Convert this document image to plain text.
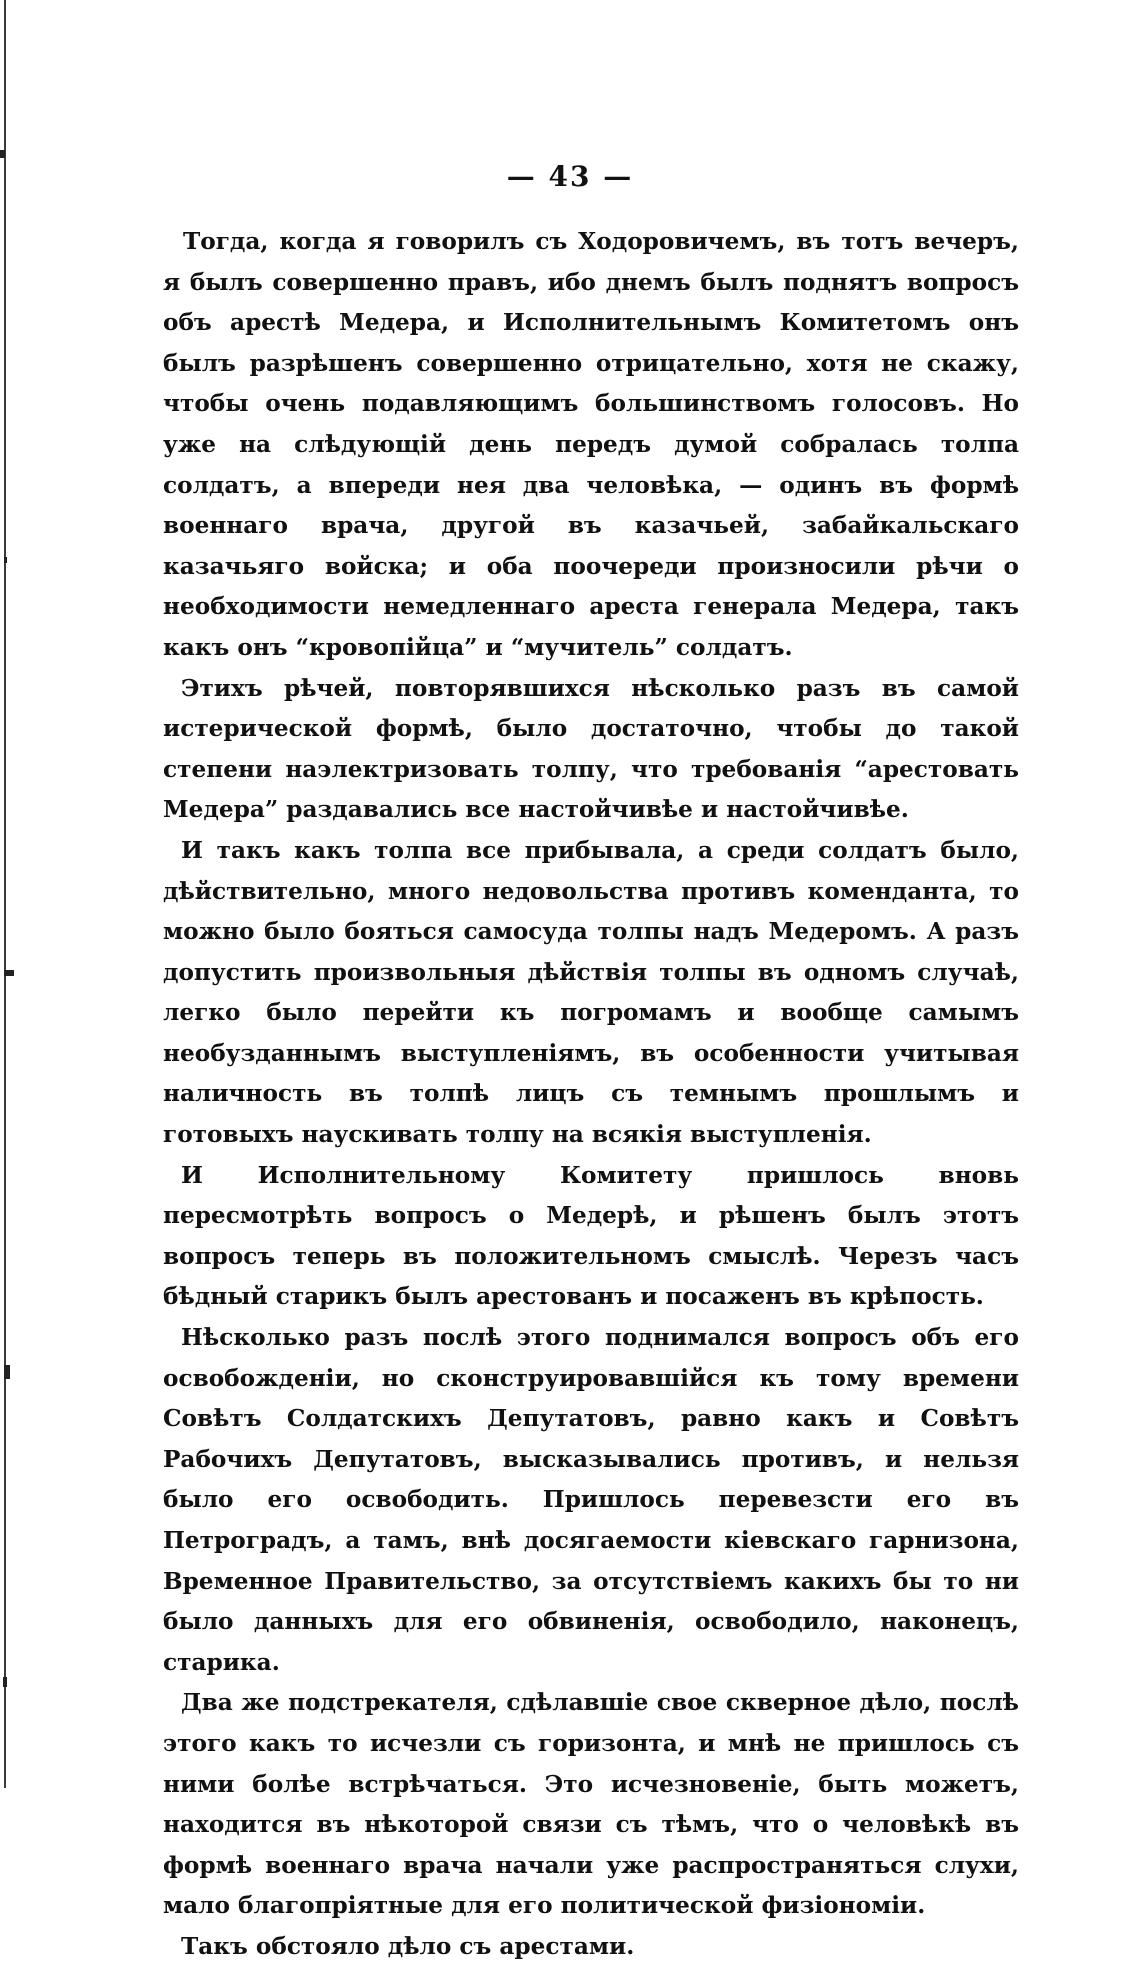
— 43 —

Тогда, когда я говорилъ съ Ходоровичемъ, въ тотъ вечеръ, я былъ совершенно правъ, ибо днемъ былъ поднятъ вопросъ объ арестѣ Медера, и Исполнительнымъ Комитетомъ онъ былъ разрѣшенъ совершенно отрицательно, хотя не скажу, чтобы очень подавляющимъ большинствомъ голосовъ. Но уже на слѣдующій день передъ думой собралась толпа солдатъ, а впереди нея два человѣка, — одинъ въ формѣ военнаго врача, другой въ казачьей, забайкальскаго казачьяго войска; и оба поочереди произносили рѣчи о необходимости немедленнаго ареста генерала Медера, такъ какъ онъ “кровопійца” и “мучитель” солдатъ.

Этихъ рѣчей, повторявшихся нѣсколько разъ въ самой истерической формѣ, было достаточно, чтобы до такой степени наэлектризовать толпу, что требованія “арестовать Медера” раздавались все настойчивѣе и настойчивѣе.

И такъ какъ толпа все прибывала, а среди солдатъ было, дѣйствительно, много недовольства противъ коменданта, то можно было бояться самосуда толпы надъ Медеромъ. А разъ допустить произвольныя дѣйствія толпы въ одномъ случаѣ, легко было перейти къ погромамъ и вообще самымъ необузданнымъ выступленіямъ, въ особенности учитывая наличность въ толпѣ лицъ съ темнымъ прошлымъ и готовыхъ наускивать толпу на всякія выступленія.

И Исполнительному Комитету пришлось вновь пересмотрѣть вопросъ о Медерѣ, и рѣшенъ былъ этотъ вопросъ теперь въ положительномъ смыслѣ. Черезъ часъ бѣдный старикъ былъ арестованъ и посаженъ въ крѣпость.

Нѣсколько разъ послѣ этого поднимался вопросъ объ его освобожденіи, но сконструировавшійся къ тому времени Совѣтъ Солдатскихъ Депутатовъ, равно какъ и Совѣтъ Рабочихъ Депутатовъ, высказывались противъ, и нельзя было его освободить. Пришлось перевезсти его въ Петроградъ, а тамъ, внѣ досягаемости кіевскаго гарнизона, Временное Правительство, за отсутствіемъ какихъ бы то ни было данныхъ для его обвиненія, освободило, наконецъ, старика.

Два же подстрекателя, сдѣлавшіе свое скверное дѣло, послѣ этого какъ то исчезли съ горизонта, и мнѣ не пришлось съ ними болѣе встрѣчаться. Это исчезновеніе, быть можетъ, находится въ нѣкоторой связи съ тѣмъ, что о человѣкѣ въ формѣ военнаго врача начали уже распространяться слухи, мало благопріятные для его политической физіономіи.

Такъ обстояло дѣло съ арестами.
